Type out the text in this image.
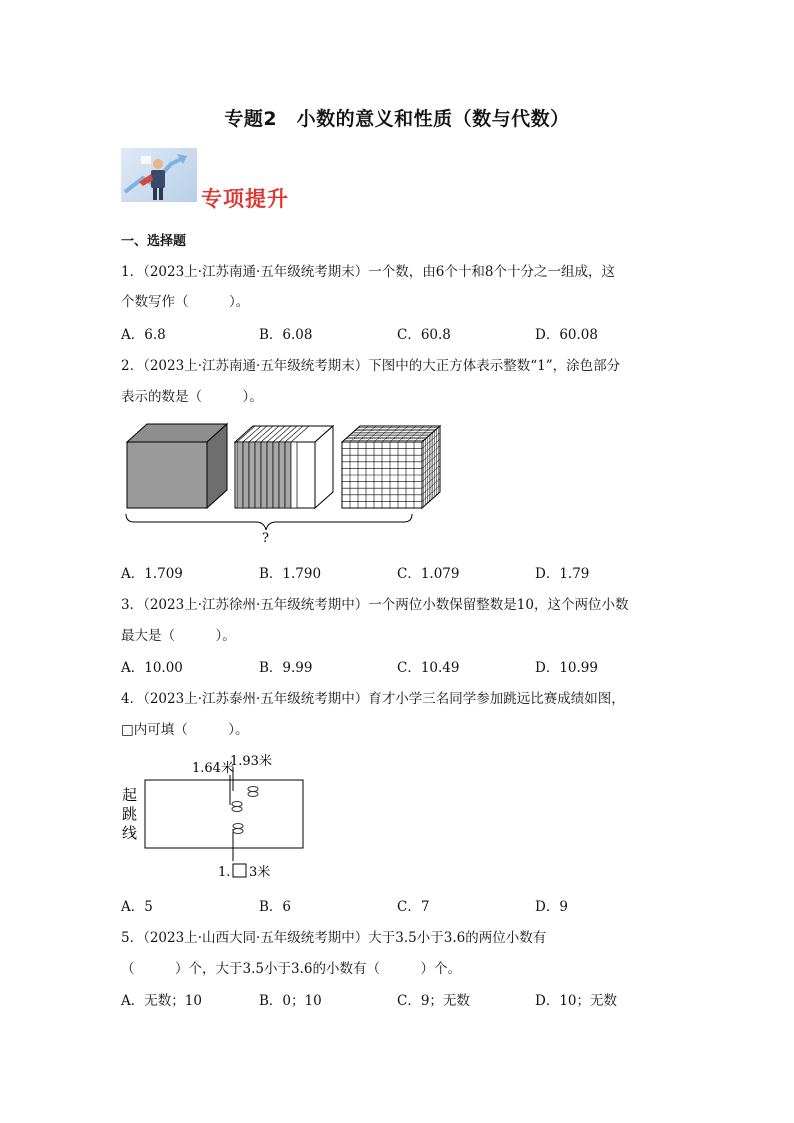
专题2　小数的意义和性质（数与代数）
专项提升
一、选择题
1．（2023上·江苏南通·五年级统考期末）一个数，由6个十和8个十分之一组成，这
个数写作（　　　）。
A．6.8	B．6.08	C．60.8	D．60.08
2．（2023上·江苏南通·五年级统考期末）下图中的大正方体表示整数“1”，涂色部分
表示的数是（　　　）。
?
A．1.709	B．1.790	C．1.079	D．1.79
3．（2023上·江苏徐州·五年级统考期中）一个两位小数保留整数是10，这个两位小数
最大是（　　　）。
A．10.00	B．9.99	C．10.49	D．10.99
4．（2023上·江苏泰州·五年级统考期中）育才小学三名同学参加跳远比赛成绩如图，
□内可填（　　　）。
1.93米
1.64米
起
跳
线
1. 3米
A．5	B．6	C．7	D．9
5．（2023上·山西大同·五年级统考期中）大于3.5小于3.6的两位小数有
（　　　）个，大于3.5小于3.6的小数有（　　　）个。
A．无数；10	B．0；10	C．9；无数	D．10；无数
